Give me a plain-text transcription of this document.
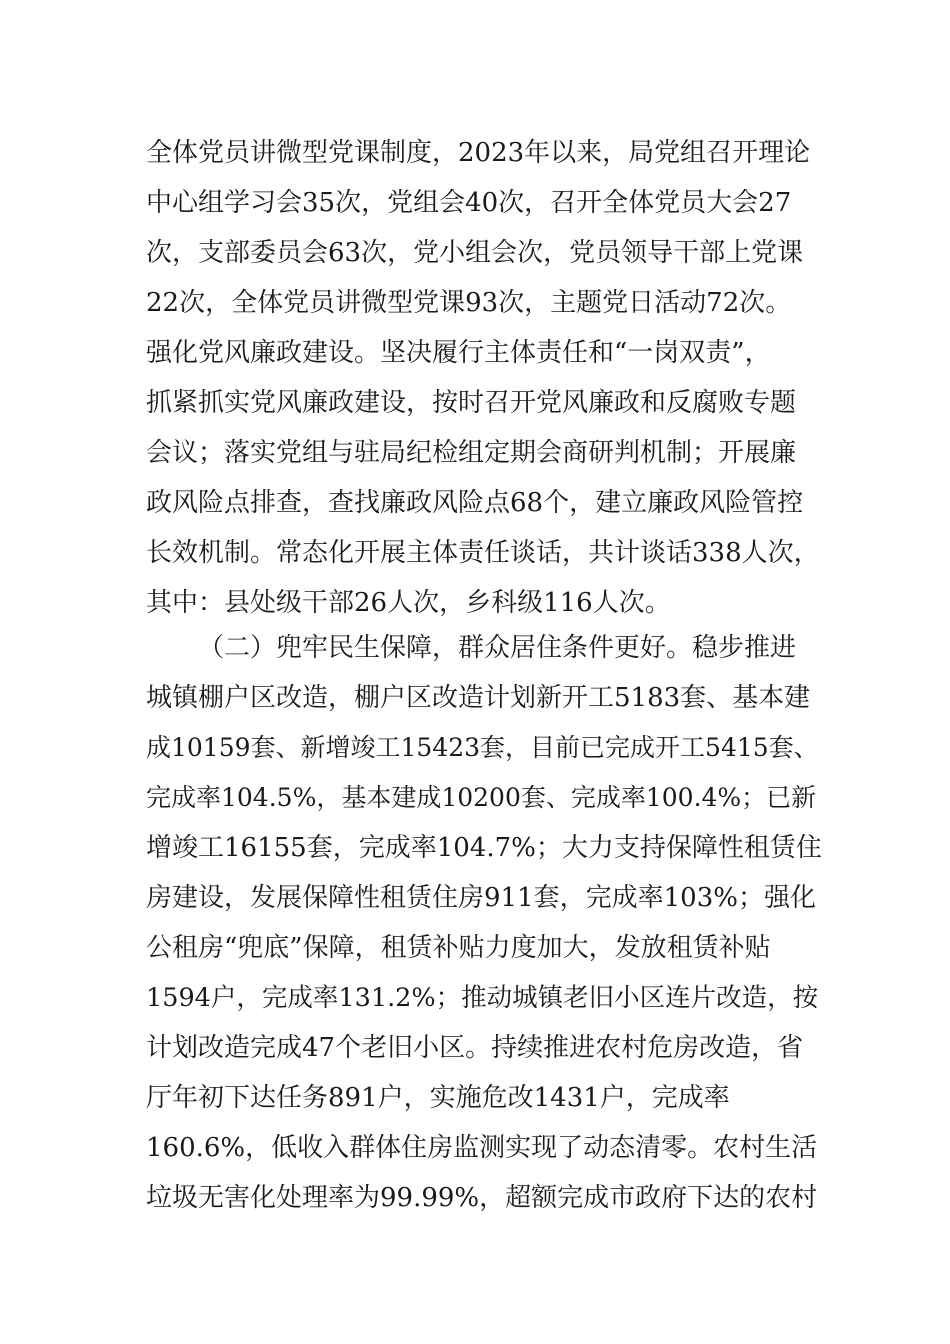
全体党员讲微型党课制度，2023年以来，局党组召开理论
中心组学习会35次，党组会40次，召开全体党员大会27
次，支部委员会63次，党小组会次，党员领导干部上党课
22次，全体党员讲微型党课93次，主题党日活动72次。
强化党风廉政建设。坚决履行主体责任和“一岗双责”，
抓紧抓实党风廉政建设，按时召开党风廉政和反腐败专题
会议；落实党组与驻局纪检组定期会商研判机制；开展廉
政风险点排查，查找廉政风险点68个，建立廉政风险管控
长效机制。常态化开展主体责任谈话，共计谈话338人次，
其中：县处级干部26人次，乡科级116人次。
（二）兜牢民生保障，群众居住条件更好。稳步推进
城镇棚户区改造，棚户区改造计划新开工5183套、基本建
成10159套、新增竣工15423套，目前已完成开工5415套、
完成率104.5%，基本建成10200套、完成率100.4%；已新
增竣工16155套，完成率104.7%；大力支持保障性租赁住
房建设，发展保障性租赁住房911套，完成率103%；强化
公租房“兜底”保障，租赁补贴力度加大，发放租赁补贴
1594户，完成率131.2%；推动城镇老旧小区连片改造，按
计划改造完成47个老旧小区。持续推进农村危房改造，省
厅年初下达任务891户，实施危改1431户，完成率
160.6%，低收入群体住房监测实现了动态清零。农村生活
垃圾无害化处理率为99.99%，超额完成市政府下达的农村
